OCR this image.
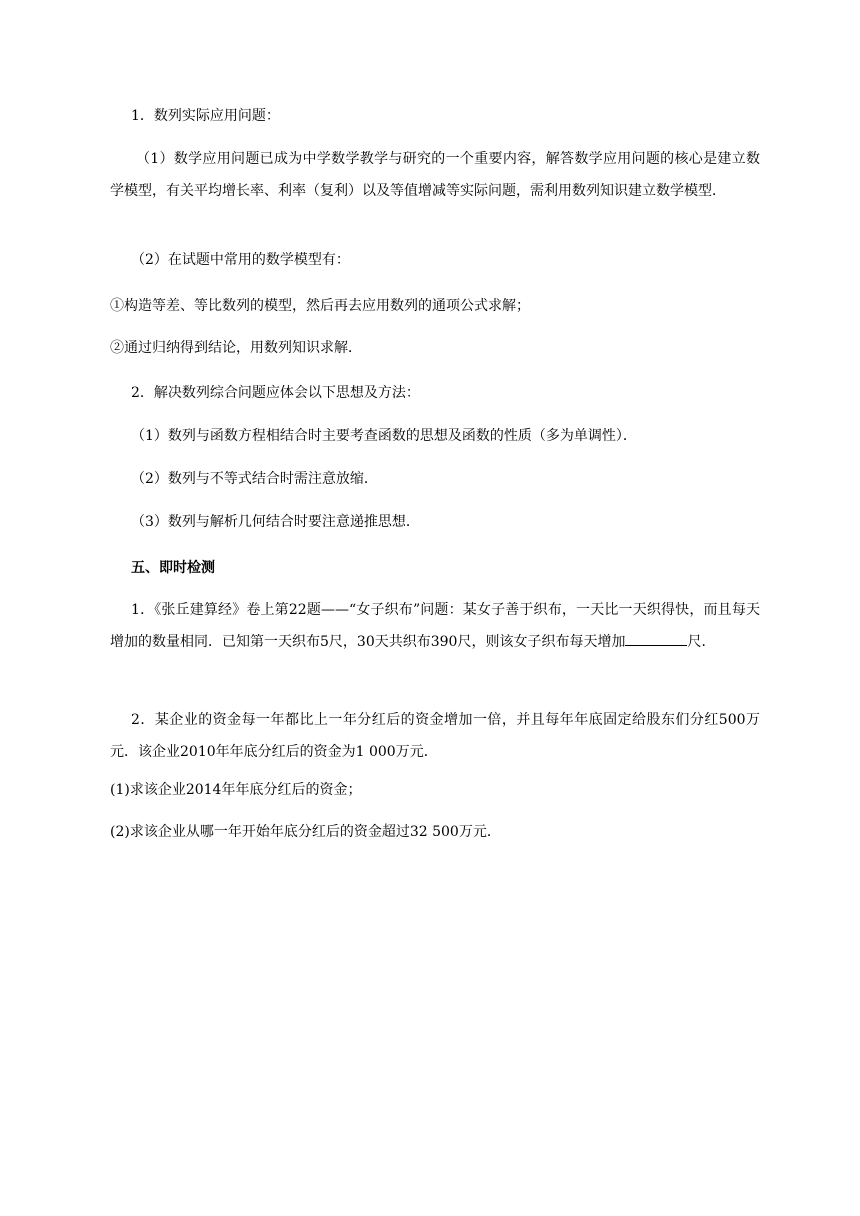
1．数列实际应用问题：

（1）数学应用问题已成为中学数学教学与研究的一个重要内容，解答数学应用问题的核心是建立数学模型，有关平均增长率、利率（复利）以及等值增减等实际问题，需利用数列知识建立数学模型．

（2）在试题中常用的数学模型有：

①构造等差、等比数列的模型，然后再去应用数列的通项公式求解；

②通过归纳得到结论，用数列知识求解．

2．解决数列综合问题应体会以下思想及方法：

（1）数列与函数方程相结合时主要考查函数的思想及函数的性质（多为单调性）．

（2）数列与不等式结合时需注意放缩．

（3）数列与解析几何结合时要注意递推思想．

五、即时检测

1．《张丘建算经》卷上第22题——“女子织布”问题：某女子善于织布，一天比一天织得快，而且每天增加的数量相同．已知第一天织布5尺，30天共织布390尺，则该女子织布每天增加	尺．

2．某企业的资金每一年都比上一年分红后的资金增加一倍，并且每年年底固定给股东们分红500万元．该企业2010年年底分红后的资金为1 000万元．

(1)求该企业2014年年底分红后的资金；

(2)求该企业从哪一年开始年底分红后的资金超过32 500万元．
